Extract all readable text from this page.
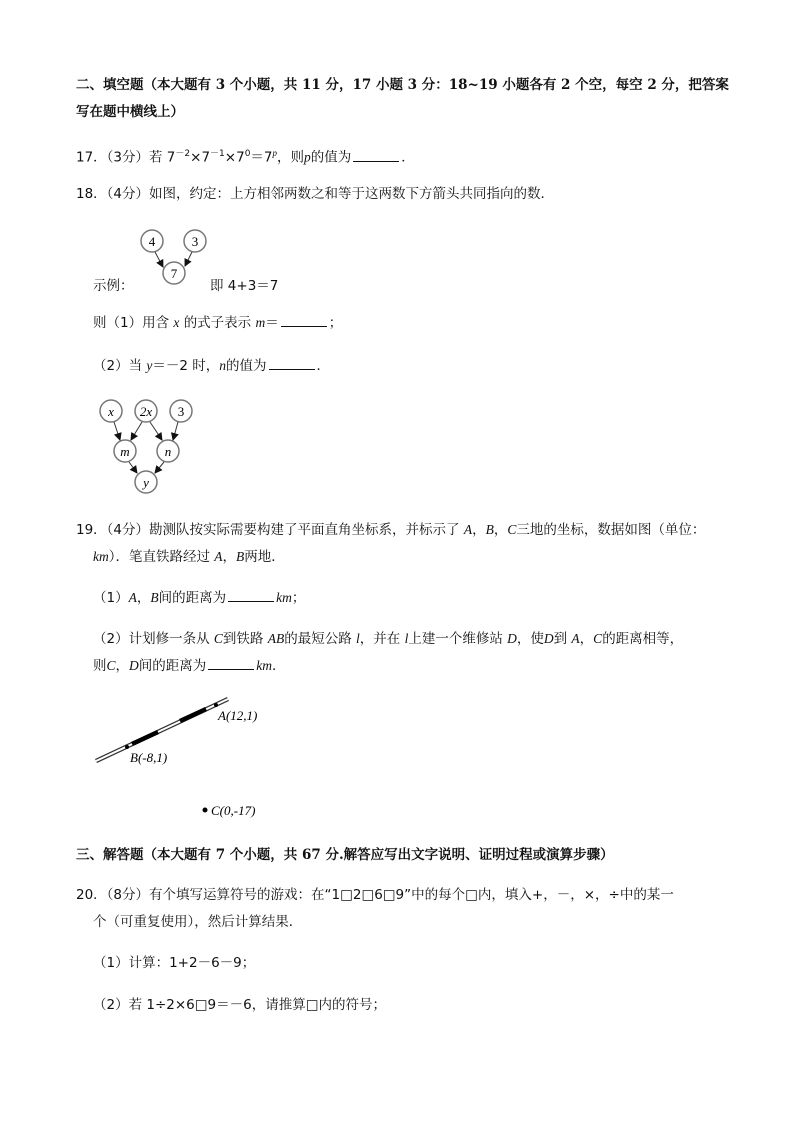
二、填空题（本大题有 3 个小题，共 11 分，17 小题 3 分：18~19 小题各有 2 个空，每空 2 分，把答案
写在题中横线上）
17．（3分）若 $7^{-2}\times 7^{-1}\times 7^0=7^p$，则p的值为	．
18．（4分）如图，约定：上方相邻两数之和等于这两数下方箭头共同指向的数．
4	3
7
x 2x 3
m	n
y
A(12,1)
B(-8,1)
C(0,-17)
示例：	即 4+3＝7
则（1）用含 x 的式子表示 m＝	；
（2）当 y＝－2 时，n的值为	．
19．（4分）勘测队按实际需要构建了平面直角坐标系，并标示了 A，B，C三地的坐标，数据如图（单位：
km）．笔直铁路经过 A，B两地．
（1）A，B间的距离为	km；
（2）计划修一条从 C到铁路 AB的最短公路 l，并在 l上建一个维修站 D，使D到 A，C的距离相等，
则C，D间的距离为	km．
三、解答题（本大题有 7 个小题，共 67 分.解答应写出文字说明、证明过程或演算步骤）
20．（8分）有个填写运算符号的游戏：在“1□2□6□9”中的每个□内，填入+，－，×，÷中的某一
个（可重复使用），然后计算结果．
（1）计算：1+2－6－9；
（2）若 1÷2×6□9＝－6，请推算□内的符号；
